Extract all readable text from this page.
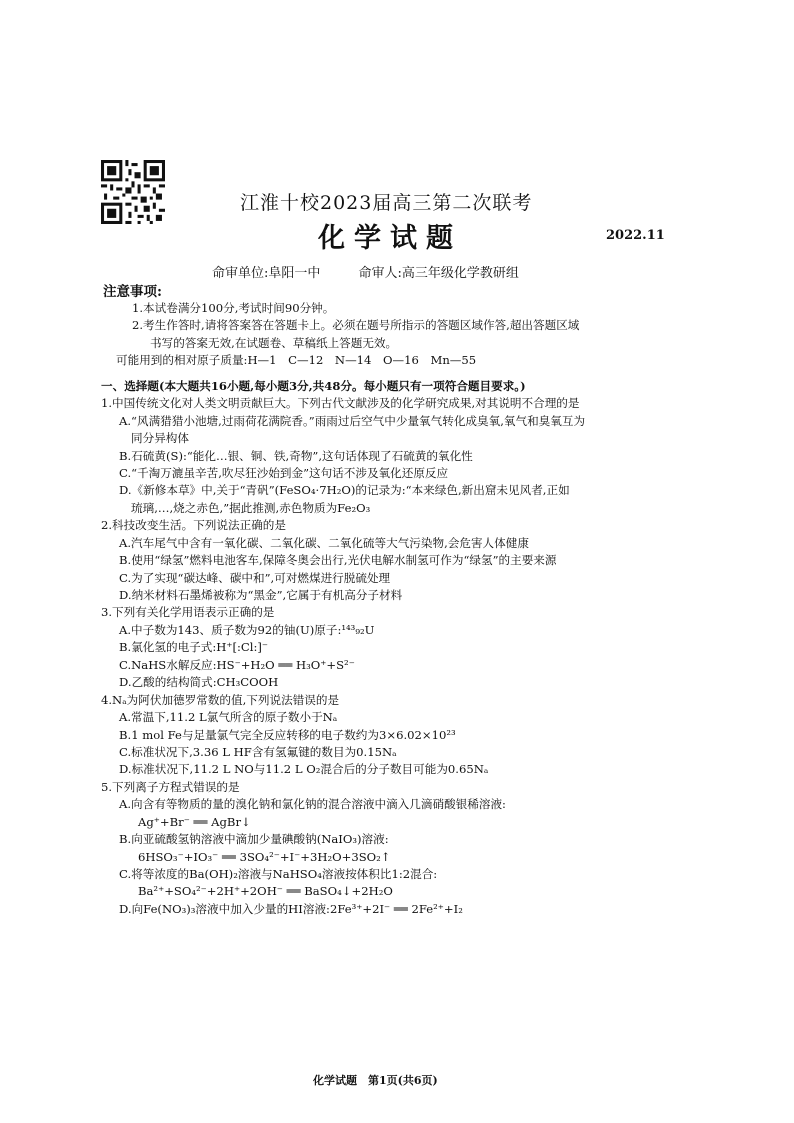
江淮十校2023届高三第二次联考
化学试题	2022.11
命审单位:阜阳一中	命审人:高三年级化学教研组
注意事项:
1.本试卷满分100分,考试时间90分钟。
2.考生作答时,请将答案答在答题卡上。必须在题号所指示的答题区域作答,超出答题区域
书写的答案无效,在试题卷、草稿纸上答题无效。
可能用到的相对原子质量:H—1　C—12　N—14　O—16　Mn—55
一、选择题(本大题共16小题,每小题3分,共48分。每小题只有一项符合题目要求。)
1.中国传统文化对人类文明贡献巨大。下列古代文献涉及的化学研究成果,对其说明不合理的是
A.“风满猎猎小池塘,过雨荷花满院香。”雨雨过后空气中少量氧气转化成臭氧,氧气和臭氧互为
同分异构体
B.石硫黄(S):“能化…银、铜、铁,奇物”,这句话体现了石硫黄的氧化性
C.“千淘万漉虽辛苦,吹尽狂沙始到金”这句话不涉及氧化还原反应
D.《新修本草》中,关于“青矾”(FeSO₄·7H₂O)的记录为:“本来绿色,新出窟未见风者,正如
琉璃,…,烧之赤色,”据此推测,赤色物质为Fe₂O₃
2.科技改变生活。下列说法正确的是
A.汽车尾气中含有一氧化碳、二氧化碳、二氧化硫等大气污染物,会危害人体健康
B.使用“绿氢”燃料电池客车,保障冬奥会出行,光伏电解水制氢可作为“绿氢”的主要来源
C.为了实现“碳达峰、碳中和”,可对燃煤进行脱硫处理
D.纳米材料石墨烯被称为“黑金”,它属于有机高分子材料
3.下列有关化学用语表示正确的是
A.中子数为143、质子数为92的铀(U)原子:¹⁴³₉₂U
B.氯化氢的电子式:H⁺[:Cl:]⁻
C.NaHS水解反应:HS⁻+H₂O ══ H₃O⁺+S²⁻
D.乙酸的结构简式:CH₃COOH
4.Nₐ为阿伏加德罗常数的值,下列说法错误的是
A.常温下,11.2 L氯气所含的原子数小于Nₐ
B.1 mol Fe与足量氯气完全反应转移的电子数约为3×6.02×10²³
C.标准状况下,3.36 L HF含有氢氟键的数目为0.15Nₐ
D.标准状况下,11.2 L NO与11.2 L O₂混合后的分子数目可能为0.65Nₐ
5.下列离子方程式错误的是
A.向含有等物质的量的溴化钠和氯化钠的混合溶液中滴入几滴硝酸银稀溶液:
Ag⁺+Br⁻ ══ AgBr↓
B.向亚硫酸氢钠溶液中滴加少量碘酸钠(NaIO₃)溶液:
6HSO₃⁻+IO₃⁻ ══ 3SO₄²⁻+I⁻+3H₂O+3SO₂↑
C.将等浓度的Ba(OH)₂溶液与NaHSO₄溶液按体积比1:2混合:
Ba²⁺+SO₄²⁻+2H⁺+2OH⁻ ══ BaSO₄↓+2H₂O
D.向Fe(NO₃)₃溶液中加入少量的HI溶液:2Fe³⁺+2I⁻ ══ 2Fe²⁺+I₂
化学试题　第1页(共6页)
